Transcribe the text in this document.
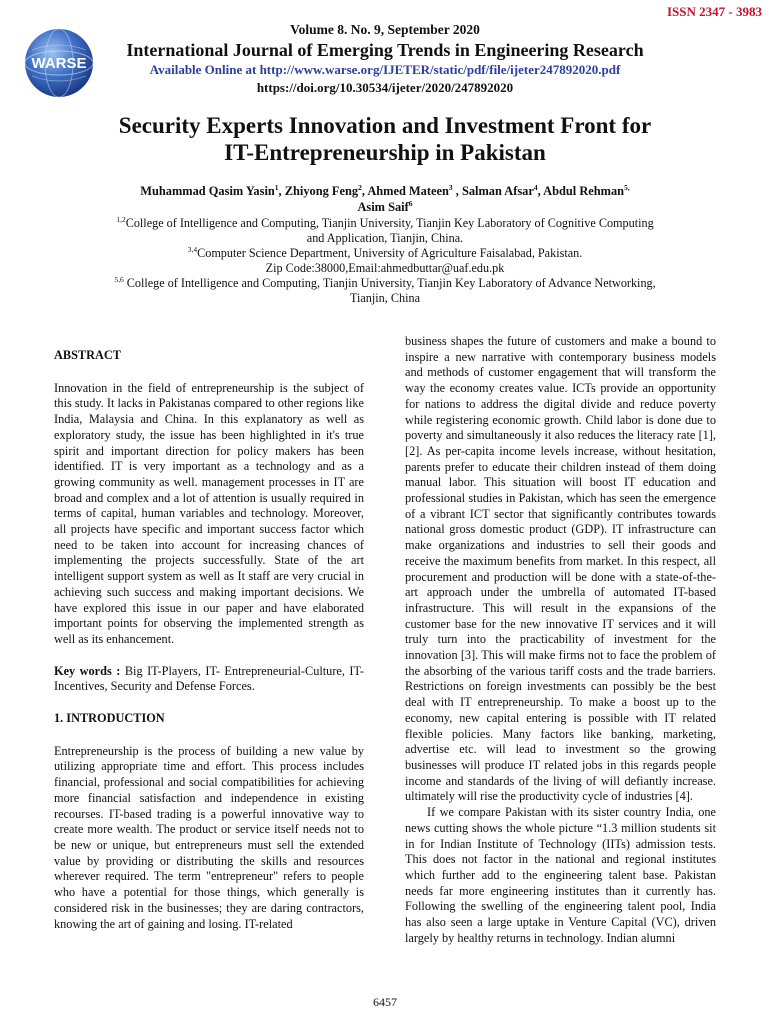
ISSN 2347 - 3983
WARSE
Volume 8. No. 9, September 2020
International Journal of Emerging Trends in Engineering Research
Available Online at http://www.warse.org/IJETER/static/pdf/file/ijeter247892020.pdf
https://doi.org/10.30534/ijeter/2020/247892020
Security Experts Innovation and Investment Front for
IT-Entrepreneurship in Pakistan
Muhammad Qasim Yasin$^1$, Zhiyong Feng$^2$, Ahmed Mateen$^3$ , Salman Afsar$^4$, Abdul Rehman$^{5,}$
Asim Saif$^6$
$^{1,2}$College of Intelligence and Computing, Tianjin University, Tianjin Key Laboratory of Cognitive Computing
and Application, Tianjin, China.
$^{3,4}$Computer Science Department, University of Agriculture Faisalabad, Pakistan.
Zip Code:38000,Email:ahmedbuttar@uaf.edu.pk
$^{5,6}$ College of Intelligence and Computing, Tianjin University, Tianjin Key Laboratory of Advance Networking,
Tianjin, China

ABSTRACT

Innovation in the field of entrepreneurship is the subject of this study. It lacks in Pakistanas compared to other regions like India, Malaysia and China. In this explanatory as well as exploratory study, the issue has been highlighted in it's true spirit and important direction for policy makers has been identified. IT is very important as a technology and as a growing community as well. management processes in IT are broad and complex and a lot of attention is usually required in terms of capital, human variables and technology. Moreover, all projects have specific and important success factor which need to be taken into account for increasing chances of implementing the projects successfully. State of the art intelligent support system as well as It staff are very crucial in achieving such success and making important decisions. We have explored this issue in our paper and have elaborated important points for observing the implemented strength as well as its enhancement.

Key words : Big IT-Players, IT- Entrepreneurial-Culture, IT- Incentives, Security and Defense Forces.

1. INTRODUCTION

Entrepreneurship is the process of building a new value by utilizing appropriate time and effort. This process includes financial, professional and social compatibilities for achieving more financial satisfaction and independence in existing recourses. IT-based trading is a powerful innovative way to create more wealth. The product or service itself needs not to be new or unique, but entrepreneurs must sell the extended value by providing or distributing the skills and resources wherever required. The term "entrepreneur" refers to people who have a potential for those things, which generally is considered risk in the businesses; they are daring contractors, knowing the art of gaining and losing. IT-related

business shapes the future of customers and make a bound to inspire a new narrative with contemporary business models and methods of customer engagement that will transform the way the economy creates value. ICTs provide an opportunity for nations to address the digital divide and reduce poverty while registering economic growth. Child labor is done due to poverty and simultaneously it also reduces the literacy rate [1], [2]. As per-capita income levels increase, without hesitation, parents prefer to educate their children instead of them doing manual labor. This situation will boost IT education and professional studies in Pakistan, which has seen the emergence of a vibrant ICT sector that significantly contributes towards national gross domestic product (GDP). IT infrastructure can make organizations and industries to sell their goods and receive the maximum benefits from market. In this respect, all procurement and production will be done with a state-of-the-art approach under the umbrella of automated IT-based infrastructure. This will result in the expansions of the customer base for the new innovative IT services and it will truly turn into the practicability of investment for the innovation [3]. This will make firms not to face the problem of the absorbing of the various tariff costs and the trade barriers. Restrictions on foreign investments can possibly be the best deal with IT entrepreneurship. To make a boost up to the economy, new capital entering is possible with IT related flexible policies. Many factors like banking, marketing, advertise etc. will lead to investment so the growing businesses will produce IT related jobs in this regards people income and standards of the living of will defiantly increase. ultimately will rise the productivity cycle of industries [4].

If we compare Pakistan with its sister country India, one news cutting shows the whole picture “1.3 million students sit in for Indian Institute of Technology (IITs) admission tests. This does not factor in the national and regional institutes which further add to the engineering talent base. Pakistan needs far more engineering institutes than it currently has. Following the swelling of the engineering talent pool, India has also seen a large uptake in Venture Capital (VC), driven largely by healthy returns in technology. Indian alumni

6457
